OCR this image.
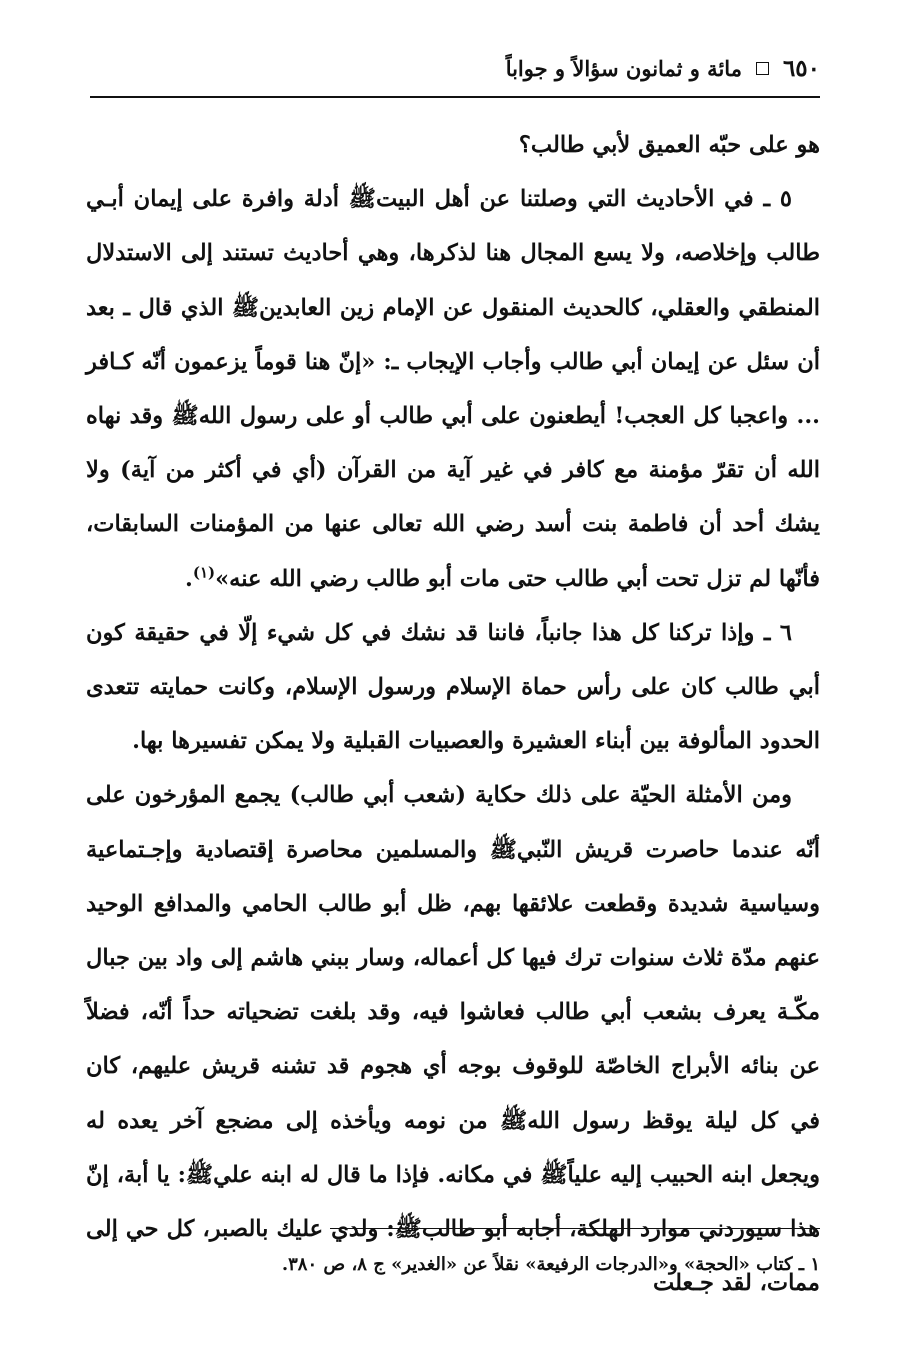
٦٥٠
مائة و ثمانون سؤالاً و جواباً

هو على حبّه العميق لأبي طالب؟

٥ ـ في الأحاديث التي وصلتنا عن أهل البيت‏ﷺ أدلة وافرة على إيمان أبـي طالب وإخلاصه، ولا يسع المجال هنا لذكرها، وهي أحاديث تستند إلى الاستدلال المنطقي والعقلي، كالحديث المنقول عن الإمام زين العابدين‏ﷺ الذي قال ـ بعد أن سئل عن إيمان أبي طالب وأجاب الإيجاب ـ: «إنّ هنا قوماً يزعمون أنّه كـافر ... واعجبا كل العجب! أيطعنون على أبي طالب أو على رسول الله‏ﷺ وقد نهاه الله أن تقرّ مؤمنة مع كافر في غير آية من القرآن (أي في أكثر من آية) ولا يشك أحد أن فاطمة بنت أسد رضي الله تعالى عنها من المؤمنات السابقات، فأنّها لم تزل تحت أبي طالب حتى مات أبو طالب رضي الله عنه»$^{(١)}$.

٦ ـ وإذا تركنا كل هذا جانباً، فاننا قد نشك في كل شيء إلّا في حقيقة كون أبي طالب كان على رأس حماة الإسلام ورسول الإسلام، وكانت حمايته تتعدى الحدود المألوفة بين أبناء العشيرة والعصبيات القبلية ولا يمكن تفسيرها بها.

ومن الأمثلة الحيّة على ذلك حكاية (شعب أبي طالب) يجمع المؤرخون على أنّه عندما حاصرت قريش النّبي‏ﷺ والمسلمين محاصرة إقتصادية وإجـتماعية وسياسية شديدة وقطعت علائقها بهم، ظل أبو طالب الحامي والمدافع الوحيد عنهم مدّة ثلاث سنوات ترك فيها كل أعماله، وسار ببني هاشم إلى واد بين جبال مكّـة يعرف بشعب أبي طالب فعاشوا فيه، وقد بلغت تضحياته حداً أنّه، فضلاً عن بنائه الأبراج الخاصّة للوقوف بوجه أي هجوم قد تشنه قريش عليهم، كان في كل ليلة يوقظ رسول الله‏ﷺ من نومه ويأخذه إلى مضجع آخر يعده له ويجعل ابنه الحبيب إليه علياً‏ﷺ في مكانه. فإذا ما قال له ابنه علي‏ﷺ: يا أبة، إنّ هذا سيوردني موارد الهلكة، أجابه أبو طالب‏ﷺ: ولدي عليك بالصبر، كل حي إلى ممات، لقد جـعلت

١ ـ كتاب «الحجة» و«الدرجات الرفيعة» نقلاً عن «الغدير» ج ٨، ص ٣٨٠.
